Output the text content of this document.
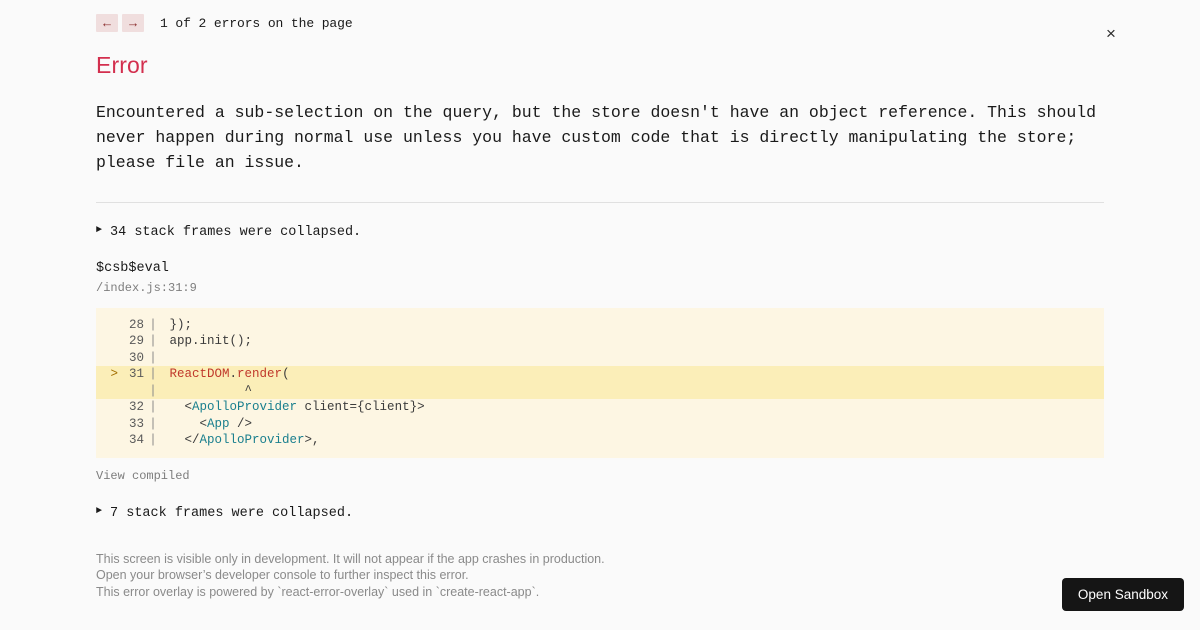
←	→	1 of 2 errors on the page
×
Error

Encountered a sub-selection on the query, but the store doesn't have an object reference. This should never happen during normal use unless you have custom code that is directly manipulating the store; please file an issue.

► 34 stack frames were collapsed.
$csb$eval
/index.js:31:9
28 | });
29 | app.init();
30 |
> 31 |	ReactDOM.render(
| ^
32 | <ApolloProvider client={client}>
33 | <App />
34 | </ApolloProvider>,
View compiled
► 7 stack frames were collapsed.

This screen is visible only in development. It will not appear if the app crashes in production.

Open your browser’s developer console to further inspect this error.

This error overlay is powered by `react-error-overlay` used in `create-react-app`.	Open Sandbox
